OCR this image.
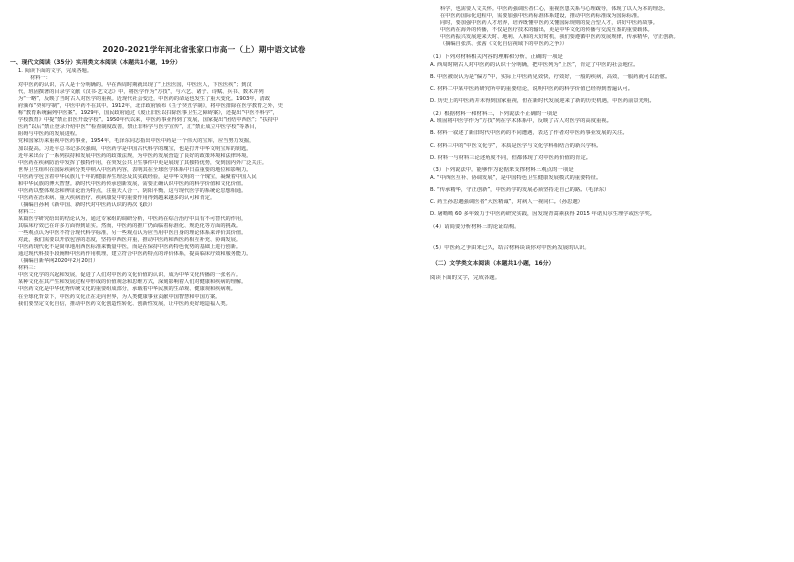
2020-2021学年河北省张家口市高一（上）期中语文试卷
一、现代文阅读（35分）实用类文本阅读（本题共1小题，19分）
1. 阅读下面的文字，完成各题。
材料一：
对中医药的认识，古人是十分明确的。早在西周时期就出现了“上医医国，中医医人，下医医疾”；到汉
代，班固撰著的目录学文献《汉书·艺文志》中，将医学作为“方技”，与六艺、诸子、诗赋、兵书、数术并列
为“一略”，反映了当时古人对医学的重视。近现代社会变迁，中医药的命运也发生了重大变化。1903年，清政
府颁布“癸卯学制”，中医中药不在其中。1912年，北洋政府颁布《壬子癸丑学制》，将中医排除在医学教育之外，史
称“教育系统漏列中医案”。1929年，国民政府通过《废止旧医以扫除医事卫生之障碍案》，还提出“中医不科学”，
学校教育》中提“禁止旧医开设学校”。1950年代以来，中医药事业得到了发展，国家提出“团结中西医”；“扶持中
医药”以后“禁止登录介绍中医”“检查制度改善，禁止非科学与医学宣传”，汇“禁止成立中医学校”等条目，
阻碍与中医药的发展进程。
党和国家历来重视中医药事业，1954年，毛泽东同志指出中医中药是一个伟大的宝库，应当努力发掘，
加以提高。习近平总书记多次强调，中医药学是中国古代科学的瑰宝，也是打开中华文明宝库的钥匙。
近年来出台了一系列扶持和发展中医药的政策法规，为中医药发展营造了良好的政策环境和法律环境。
中医药在疾病防治中发挥了独特作用，在突发公共卫生事件中更是展现了其独特优势，受到国内外广泛关注。
世界卫生组织在国际疾病分类中纳入中医药内容，表明其在全球医学体系中日益重要的地位和影响力。
中医药学包含着中华民族几千年的健康养生理念及其实践经验，是中华文明的一个瑰宝，凝聚着中国人民
和中华民族的博大智慧。新时代中医药传承创新发展，需要正确认识中医药的科学价值和文化价值。
中医药以整体观念和辨证论治为特点，注重天人合一、阴阳平衡，这与现代医学的系统论思想相通。
中医药在治未病、重大疾病治疗、疾病康复中的重要作用得到越来越多的认可和肯定。
（摘编自孙利《新中国、新时代对中医药认识的再次飞跃》）
材料二：
某篇医学研究给出的结论认为，通过专家组的调研分析，中医药在综合治疗中具有不可替代的作用，
其临床疗效已在许多方面得到证实。然而，中医药的推广仍面临着标准化、规范化等方面的挑战。
一些观点认为中医不符合现代科学标准，另一些观点认为应当用中医自身的理论体系来评价其价值。
对此，我们需要以开放包容的态度，坚持中西医并重，推动中医药和西医药相互补充、协调发展。
中医药现代化不是简单地用西医标准来衡量中医，而是在保持中医药特色优势的基础上进行创新。
通过现代科技手段阐释中医药作用机理，建立符合中医药特点的评价体系，提高临床疗效和服务能力。
（摘编自新华网2020年2月20日）
材料三：
中医文化学的兴起和发展，促进了人们对中医药文化价值的认识，成为中华文化传播的一张名片。
某种文化在其产生和发展过程中形成的价值观念和思维方式，深刻影响着人们对健康和疾病的理解。
中医药文化是中华优秀传统文化的重要组成部分，承载着中华民族的生命观、健康观和疾病观。
在全球化背景下，中医药文化正在走向世界，为人类健康事业贡献中国智慧和中国方案。
我们要坚定文化自信，推动中医药文化创造性转化、创新性发展，让中医药更好地造福人类。
科学，也需要人文关怀。中医药强调医者仁心，重视医患关系与心理疏导，体现了以人为本的理念。
在中医药国际化进程中，需要加强中医药标准体系建设，推动中医药标准成为国际标准。
同时，要加强中医药人才培养，培养既懂中医药又懂国际规则的复合型人才，讲好中医药故事。
中医药在海外的传播，不仅是医疗技术的输出，更是中华文化的传播与交流互鉴的重要载体。
中医药振兴发展迎来天时、地利、人和的大好时机，我们要遵循中医药发展规律，传承精华，守正创新。
（摘编自张洪、张茜《文化自信视域下的中医药之争》）
（1）下列对材料相关内容的理解和分析，正确的一项是
A. 西周时期古人对中医药的认识十分明确，把中医列为“上医”，肯定了中医的社会地位。
B. 中医被误认为是“偏方”中，实际上中医药见效快，疗效好，一般的疾病，高效，一服药就可以治愈。
C. 材料二中某中医药研究所中的重要结论，说明中医药的科学价值已经得到普遍认可。
D. 历史上的中医药并未得到国家重视，但在新时代发展迎来了新的历史机遇，中医药前景光明。
（2）根据材料一和材料三，下列说法不正确的一项是
A. 班固将中医学作为“方技”列在学术体系中，反映了古人对医学的高度重视。
B. 材料一叙述了新旧时代中医药的不同遭遇，表达了作者对中医药事业发展的关注。
C. 材料三中的“中医文化学”，本质是医学与文化学科相结合的新兴学科。
D. 材料一与材料三论述角度不同，但都体现了对中医药价值的肯定。
（3）下列说法中，能够作为论据来支撑材料三观点的一项是
A. “中西医互补、协调发展”，是中国特色卫生健康发展模式的重要特征。
B. “传承精华，守正创新”，中医药学的发展必须坚持走自己的路。（毛泽东）
C. 药王孙思邈强调医者“大医精诚”，对病人一视同仁。（孙思邈）
D. 屠呦呦 60 多年致力于中医药研究实践，因发现青蒿素获得 2015 年诺贝尔生理学或医学奖。
（4）请简要分析材料三的论证结构。
（5）中医药之争由来已久，结合材料谈谈你对中医药发展的认识。
（二）文学类文本阅读（本题共1小题，16分）
阅读下面的文字，完成各题。
